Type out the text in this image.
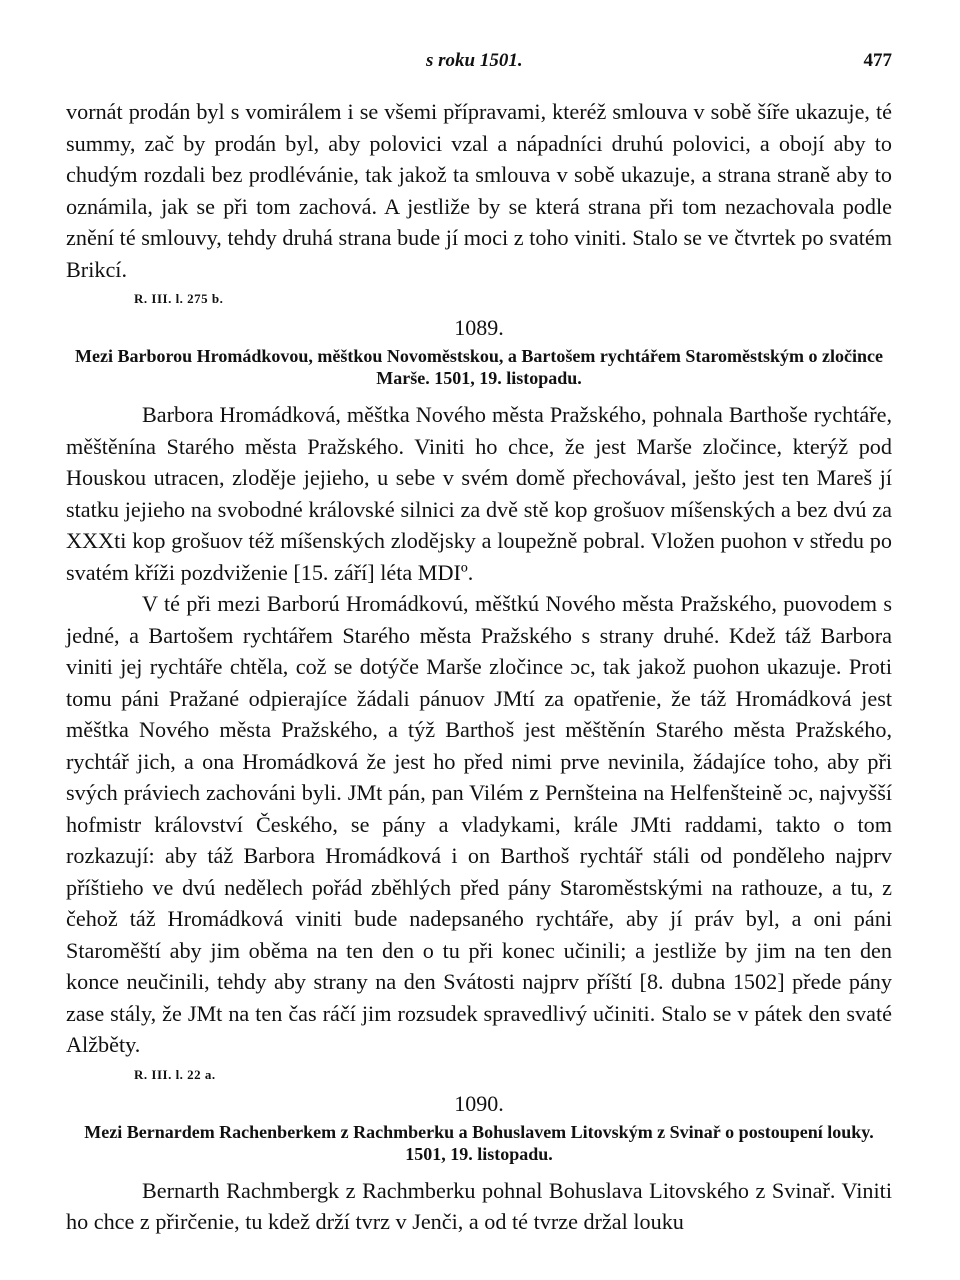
s roku 1501.	477

vornát prodán byl s vomirálem i se všemi přípravami, kteréž smlouva v sobě šíře ukazuje, té summy, zač by prodán byl, aby polovici vzal a nápadníci druhú polovici, a obojí aby to chudým rozdali bez prodlévánie, tak jakož ta smlouva v sobě ukazuje, a strana straně aby to oznámila, jak se při tom zachová. A jestliže by se která strana při tom nezachovala podle znění té smlouvy, tehdy druhá strana bude jí moci z toho viniti. Stalo se ve čtvrtek po svatém Brikcí.

R. III. l. 275 b.
1089.
Mezi Barborou Hromádkovou, měštkou Novoměstskou, a Bartošem rychtářem Staroměstským o zločince Marše. 1501, 19. listopadu.

Barbora Hromádková, měštka Nového města Pražského, pohnala Barthoše rychtáře, měštěnína Starého města Pražského. Viniti ho chce, že jest Marše zločince, kterýž pod Houskou utracen, zloděje jejieho, u sebe v svém domě přechovával, ješto jest ten Mareš jí statku jejieho na svobodné královské silnici za dvě stě kop grošuov míšenských a bez dvú za XXXti kop grošuov též míšenských zlodějsky a loupežně pobral. Vložen puohon v středu po svatém kříži pozdviženie [15. září] léta MDIº.

V té při mezi Barború Hromádkovú, měštkú Nového města Pražského, puovodem s jedné, a Bartošem rychtářem Starého města Pražského s strany druhé. Kdež táž Barbora viniti jej rychtáře chtěla, což se dotýče Marše zločince ɔc, tak jakož puohon ukazuje. Proti tomu páni Pražané odpierajíce žádali pánuov JMtí za opatřenie, že táž Hromádková jest měštka Nového města Pražského, a týž Barthoš jest měštěnín Starého města Pražského, rychtář jich, a ona Hromádková že jest ho před nimi prve nevinila, žádajíce toho, aby při svých práviech zachováni byli. JMt pán, pan Vilém z Pernšteina na Helfenšteině ɔc, najvyšší hofmistr království Českého, se pány a vladykami, krále JMti raddami, takto o tom rozkazují: aby táž Barbora Hromádková i on Barthoš rychtář stáli od ponděleho najprv příštieho ve dvú nedělech pořád zběhlých před pány Staroměstskými na rathouze, a tu, z čehož táž Hromádková viniti bude nadepsaného rychtáře, aby jí práv byl, a oni páni Staroměští aby jim oběma na ten den o tu při konec učinili; a jestliže by jim na ten den konce neučinili, tehdy aby strany na den Svátosti najprv příští [8. dubna 1502] přede pány zase stály, že JMt na ten čas ráčí jim rozsudek spravedlivý učiniti. Stalo se v pátek den svaté Alžběty.

R. III. l. 22 a.
1090.
Mezi Bernardem Rachenberkem z Rachmberku a Bohuslavem Litovským z Svinař o postoupení louky. 1501, 19. listopadu.

Bernarth Rachmbergk z Rachmberku pohnal Bohuslava Litovského z Svinař. Viniti ho chce z přirčenie, tu kdež drží tvrz v Jenči, a od té tvrze držal louku
